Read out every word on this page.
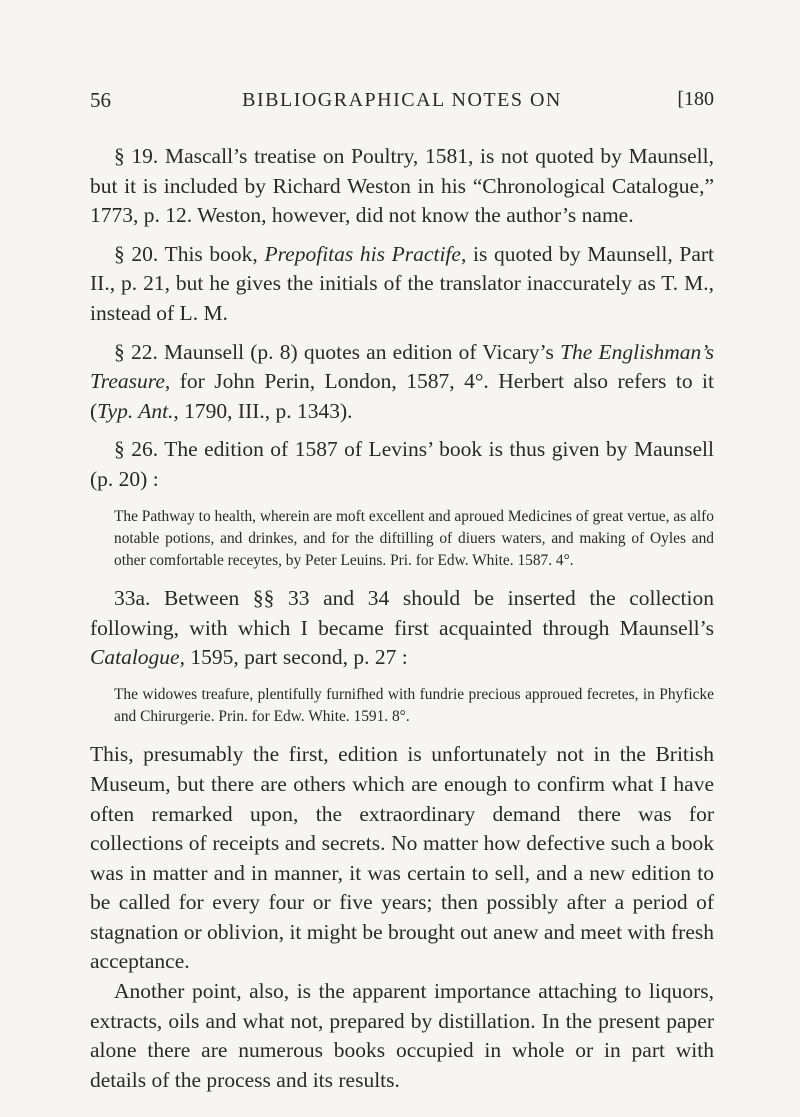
56	BIBLIOGRAPHICAL NOTES ON	[180

§ 19. Mascall’s treatise on Poultry, 1581, is not quoted by Maunsell, but it is included by Richard Weston in his “Chronological Catalogue,” 1773, p. 12. Weston, however, did not know the author’s name.

§ 20. This book, Prepofitas his Practife, is quoted by Maunsell, Part II., p. 21, but he gives the initials of the translator inaccurately as T. M., instead of L. M.

§ 22. Maunsell (p. 8) quotes an edition of Vicary’s The Englishman’s Treasure, for John Perin, London, 1587, 4°. Herbert also refers to it (Typ. Ant., 1790, III., p. 1343).

§ 26. The edition of 1587 of Levins’ book is thus given by Maunsell (p. 20) :

The Pathway to health, wherein are moft excellent and aproued Medicines of great vertue, as alfo notable potions, and drinkes, and for the diftilling of diuers waters, and making of Oyles and other comfortable receytes, by Peter Leuins. Pri. for Edw. White. 1587. 4°.

33a. Between §§ 33 and 34 should be inserted the collection following, with which I became first acquainted through Maunsell’s Catalogue, 1595, part second, p. 27 :

The widowes treafure, plentifully furnifhed with fundrie precious approued fecretes, in Phyficke and Chirurgerie. Prin. for Edw. White. 1591. 8°.

This, presumably the first, edition is unfortunately not in the British Museum, but there are others which are enough to confirm what I have often remarked upon, the extraordinary demand there was for collections of receipts and secrets. No matter how defective such a book was in matter and in manner, it was certain to sell, and a new edition to be called for every four or five years; then possibly after a period of stagnation or oblivion, it might be brought out anew and meet with fresh acceptance.

Another point, also, is the apparent importance attaching to liquors, extracts, oils and what not, prepared by distillation. In the present paper alone there are numerous books occupied in whole or in part with details of the process and its results.
